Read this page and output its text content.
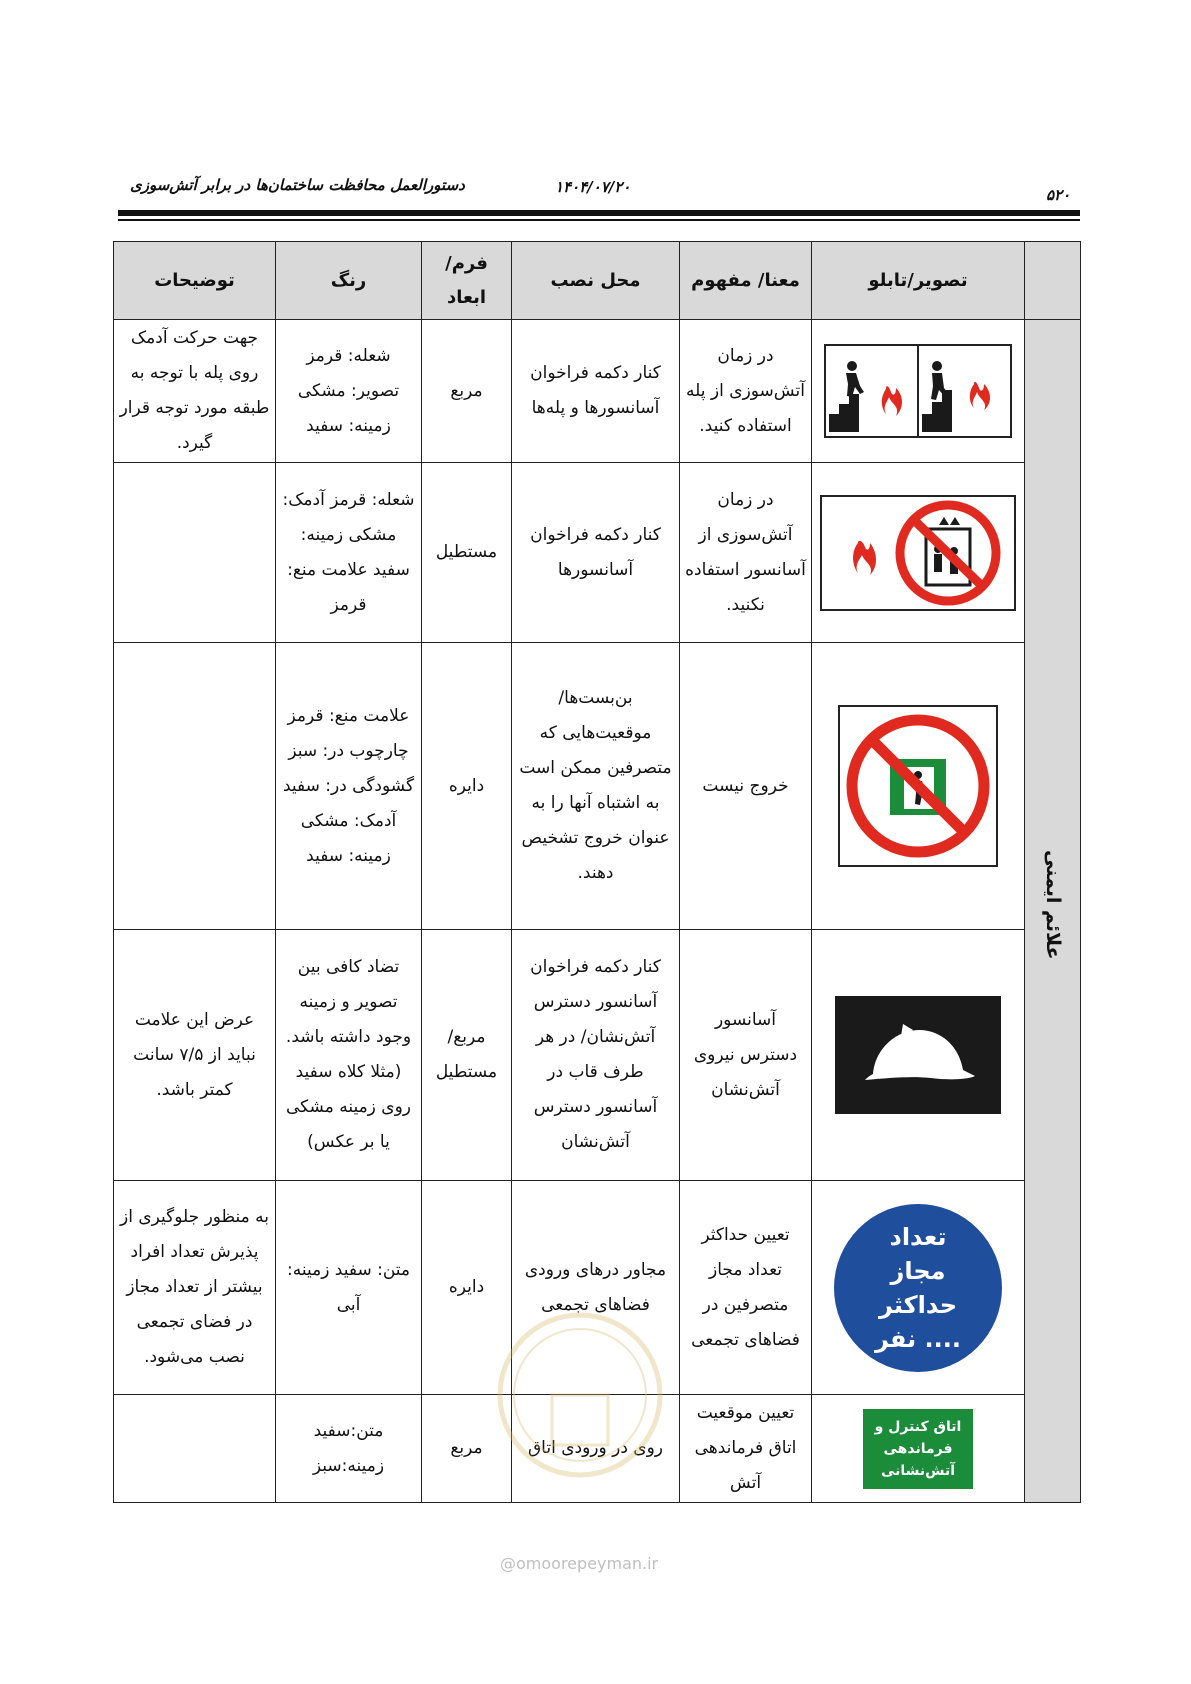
۵۲۰
۱۴۰۴/۰۷/۲۰
دستورالعمل محافظت ساختمان‌ها در برابر آتش‌سوزی
	تصویر/تابلو	معنا/ مفهوم	محل نصب	فرم/ ابعاد	رنگ	توضیحات
علائم ایمنی		در زمان آتش‌سوزی از پله استفاده کنید.	کنار دکمه فراخوان آسانسورها و پله‌ها	مربع	شعله: قرمز تصویر: مشکی زمینه: سفید	جهت حرکت آدمک روی پله با توجه به طبقه مورد توجه قرار گیرد.

	در زمان آتش‌سوزی از آسانسور استفاده نکنید.	کنار دکمه فراخوان آسانسورها	مستطیل	شعله: قرمز آدمک: مشکی زمینه: سفید علامت منع: قرمز	

	خروج نیست	بن‌بست‌ها/ موقعیت‌هایی که متصرفین ممکن است به اشتباه آنها را به عنوان خروج تشخیص دهند.	دایره	علامت منع: قرمز چارچوب در: سبز گشودگی در: سفید آدمک: مشکی زمینه: سفید	

	آسانسور دسترس نیروی آتش‌نشان	کنار دکمه فراخوان آسانسور دسترس آتش‌نشان/ در هر طرف قاب در آسانسور دسترس آتش‌نشان	مربع/ مستطیل	تضاد کافی بین تصویر و زمینه وجود داشته باشد. (مثلا کلاه سفید روی زمینه مشکی یا بر عکس)	عرض این علامت نباید از ۷/۵ سانت کمتر باشد.

	تعداد مجاز حداکثر .... نفر	تعیین حداکثر تعداد مجاز متصرفین در فضاهای تجمعی	مجاور درهای ورودی فضاهای تجمعی	دایره	متن: سفید زمینه: آبی	به منظور جلوگیری از پذیرش تعداد افراد بیشتر از تعداد مجاز در فضای تجمعی نصب می‌شود.

	اتاق کنترل و فرماندهی آتش‌نشانی	تعیین موقعیت اتاق فرماندهی آتش	روی در ورودی اتاق	مربع	متن:سفید زمینه:سبز	
@omoorepeyman.ir
